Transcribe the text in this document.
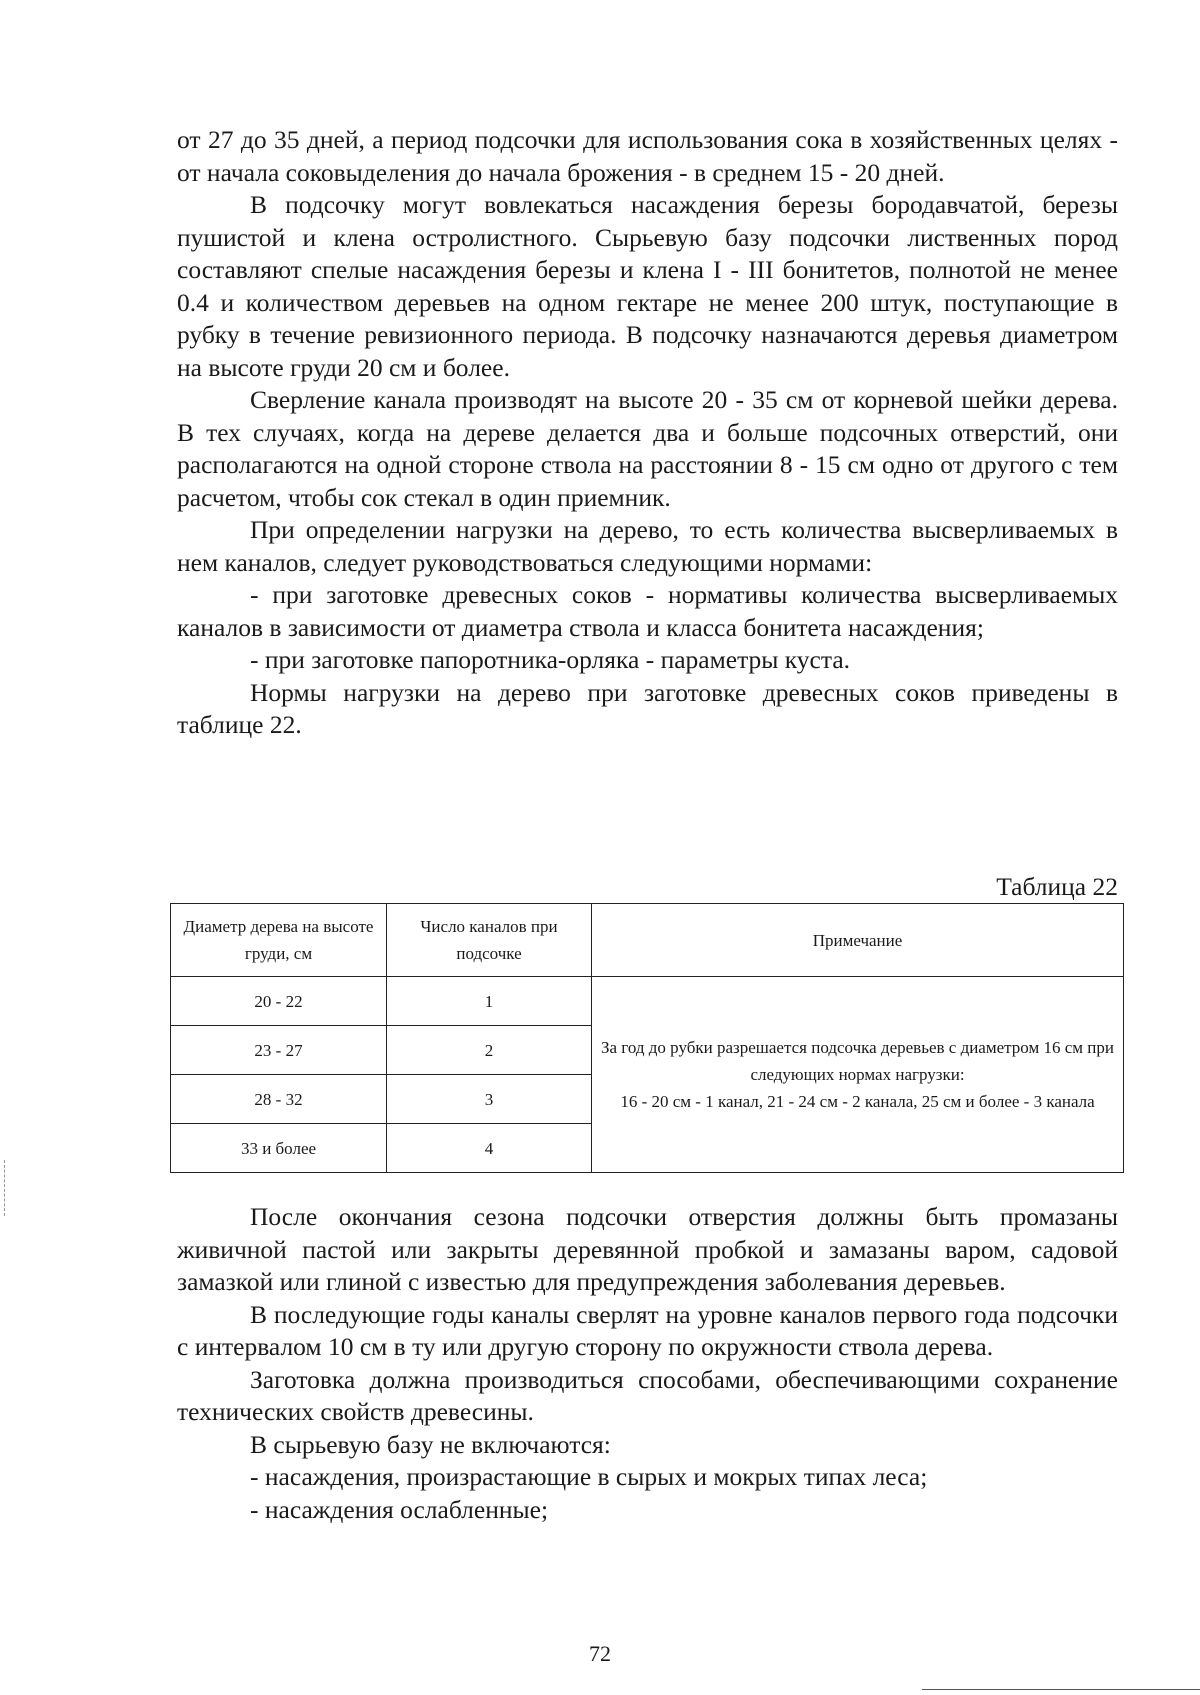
от 27 до 35 дней, а период подсочки для использования сока в хозяйственных целях - от начала соковыделения до начала брожения - в среднем 15 - 20 дней.

В подсочку могут вовлекаться насаждения березы бородавчатой, березы пушистой и клена остролистного. Сырьевую базу подсочки лиственных пород составляют спелые насаждения березы и клена I - III бонитетов, полнотой не менее 0.4 и количеством деревьев на одном гектаре не менее 200 штук, поступающие в рубку в течение ревизионного периода. В подсочку назначаются деревья диаметром на высоте груди 20 см и более.

Сверление канала производят на высоте 20 - 35 см от корневой шейки дерева. В тех случаях, когда на дереве делается два и больше подсочных отверстий, они располагаются на одной стороне ствола на расстоянии 8 - 15 см одно от другого с тем расчетом, чтобы сок стекал в один приемник.

При определении нагрузки на дерево, то есть количества высверливаемых в нем каналов, следует руководствоваться следующими нормами:

- при заготовке древесных соков - нормативы количества высверливаемых каналов в зависимости от диаметра ствола и класса бонитета насаждения;

- при заготовке папоротника-орляка - параметры куста.

Нормы нагрузки на дерево при заготовке древесных соков приведены в таблице 22.

Таблица 22
Диаметр дерева на высоте груди, см	Число каналов при подсочке	Примечание
20 - 22	1	За год до рубки разрешается подсочка деревьев с диаметром 16 см при следующих нормах нагрузки:
16 - 20 см - 1 канал, 21 - 24 см - 2 канала, 25 см и более - 3 канала

23 - 27	2	
28 - 32	3	
33 и более	4	

После окончания сезона подсочки отверстия должны быть промазаны живичной пастой или закрыты деревянной пробкой и замазаны варом, садовой замазкой или глиной с известью для предупреждения заболевания деревьев.

В последующие годы каналы сверлят на уровне каналов первого года подсочки с интервалом 10 см в ту или другую сторону по окружности ствола дерева.

Заготовка должна производиться способами, обеспечивающими сохранение технических свойств древесины.

В сырьевую базу не включаются:

- насаждения, произрастающие в сырых и мокрых типах леса;

- насаждения ослабленные;

72
